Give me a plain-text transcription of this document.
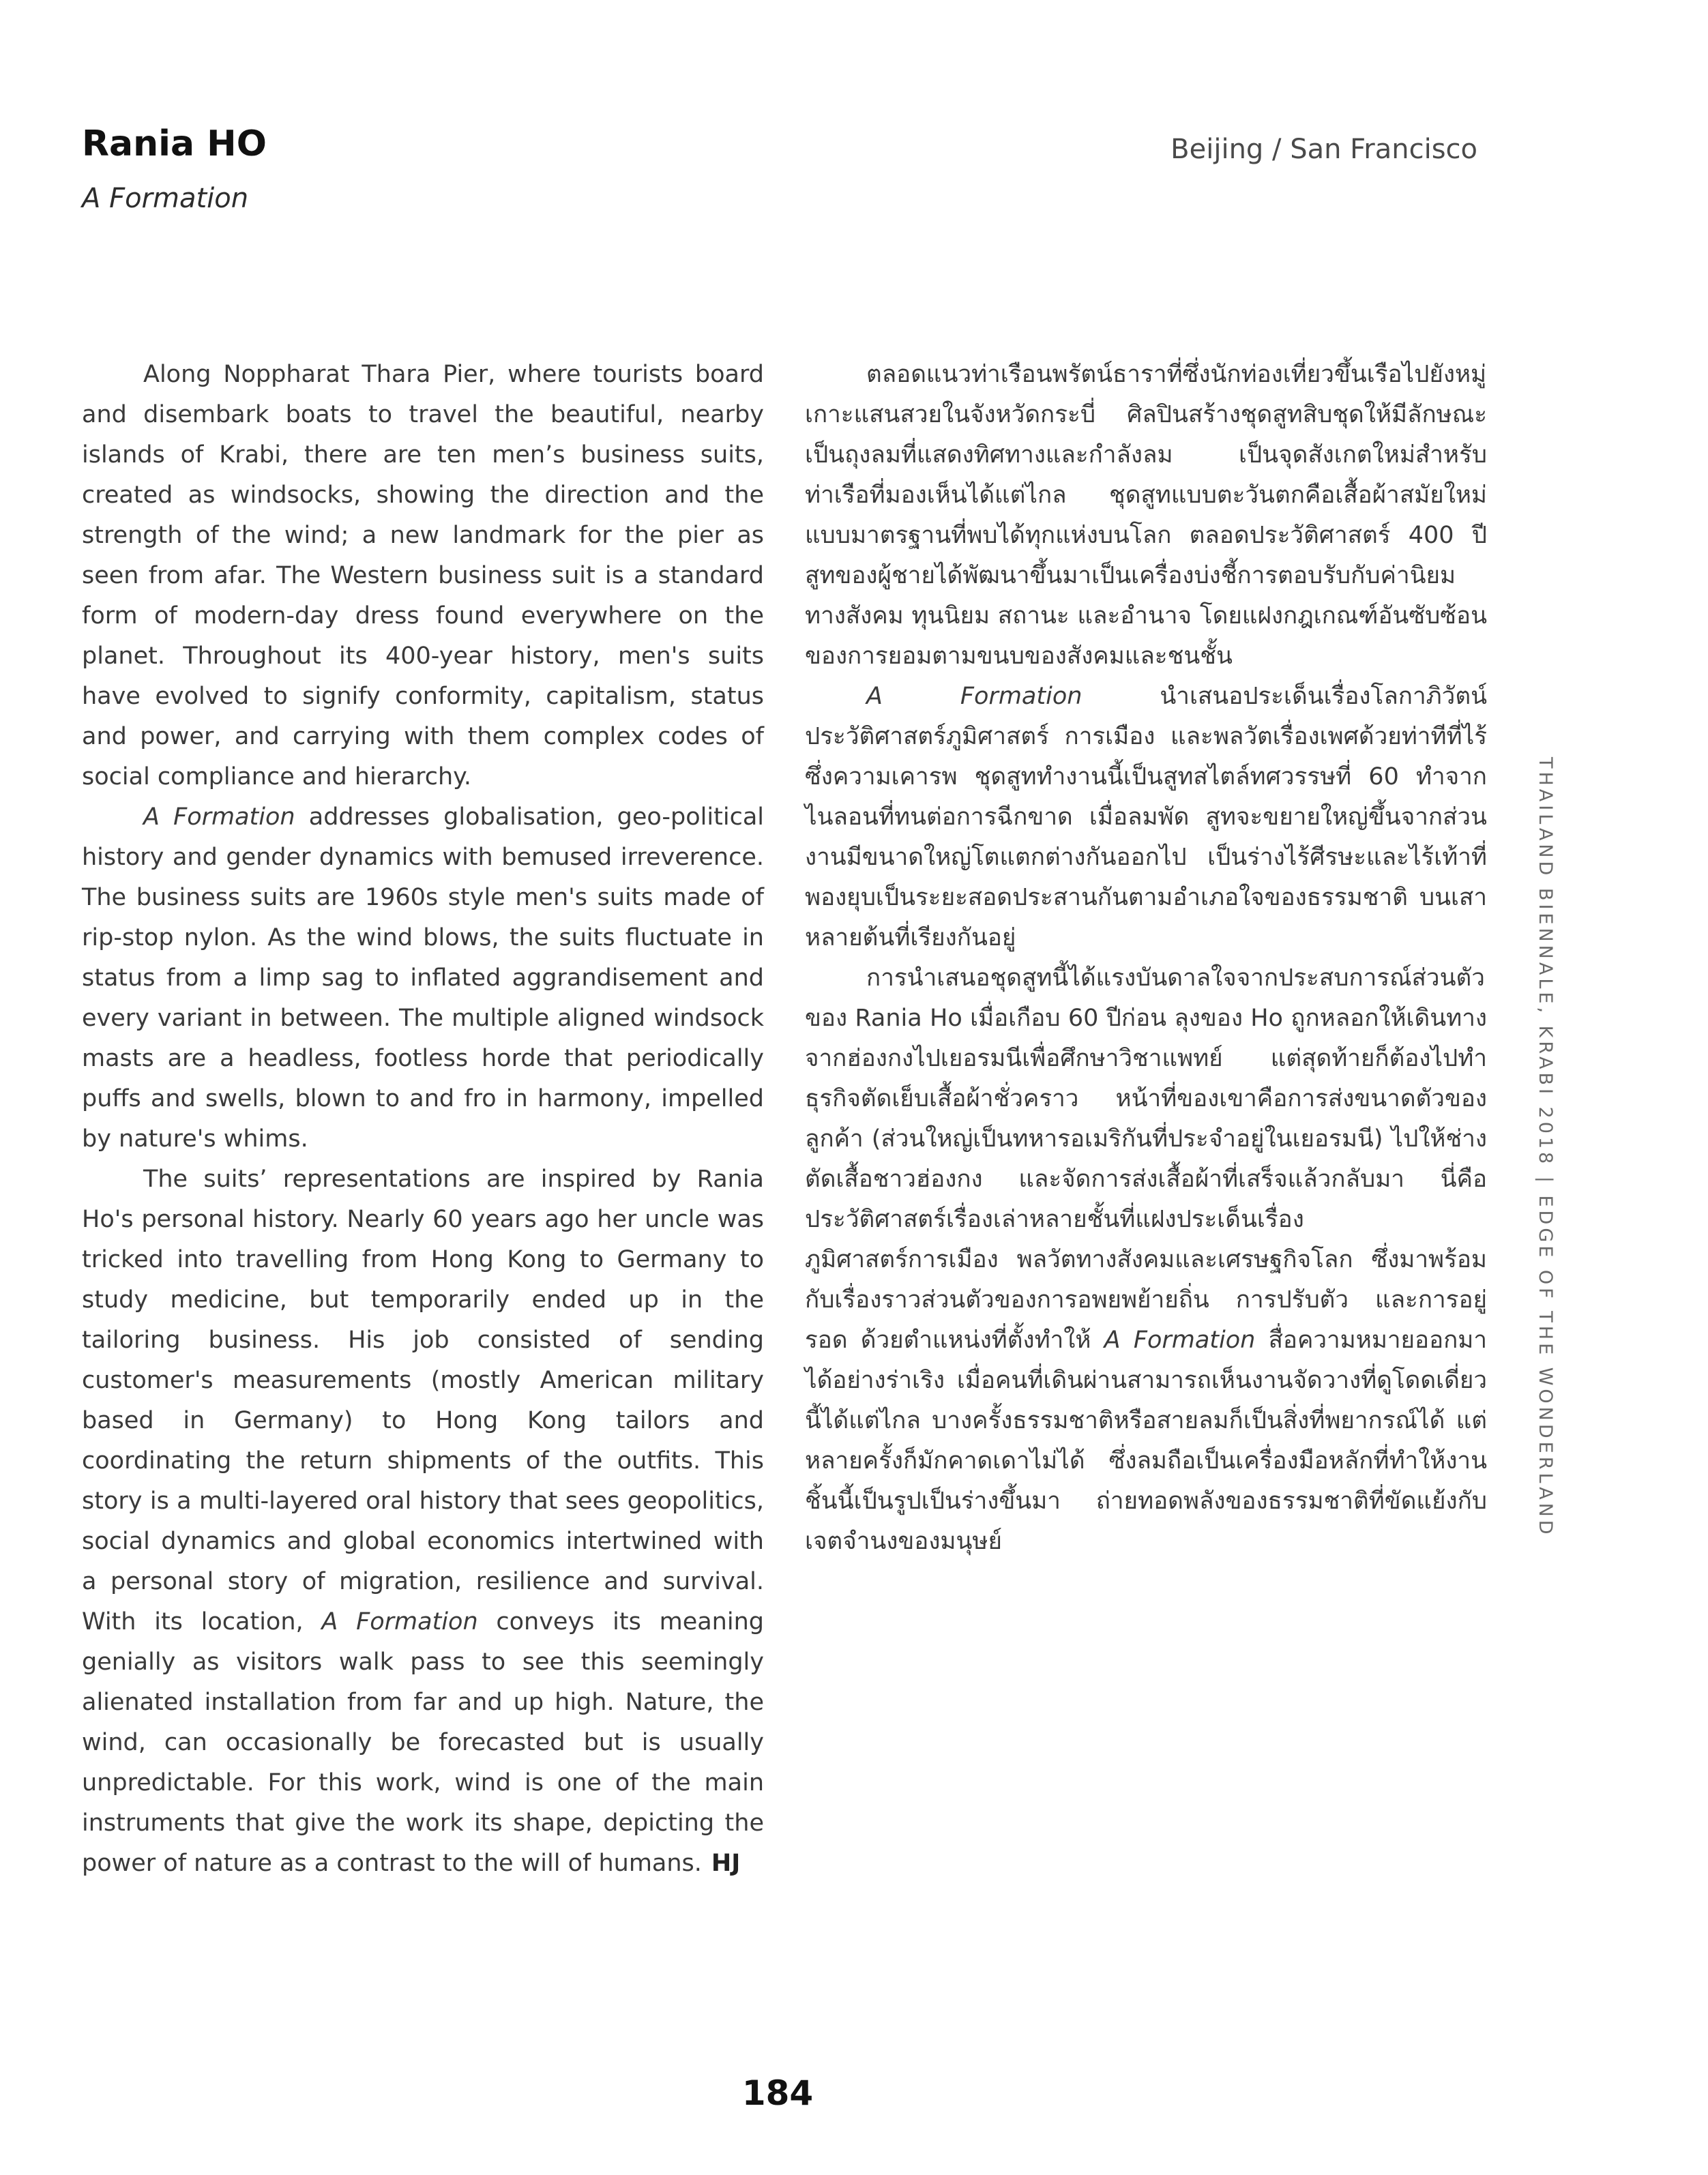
Rania HO
A Formation
Beijing / San Francisco

Along Noppharat Thara Pier, where tourists board and disembark boats to travel the beautiful, nearby islands of Krabi, there are ten men’s business suits, created as windsocks, showing the direction and the strength of the wind; a new landmark for the pier as seen from afar. The Western business suit is a standard form of modern-day dress found everywhere on the planet. Throughout its 400-year history, men's suits have evolved to signify conformity, capitalism, status and power, and carrying with them complex codes of social compliance and hierarchy.

A Formation addresses globalisation, geo-political history and gender dynamics with bemused irreverence. The business suits are 1960s style men's suits made of rip-stop nylon. As the wind blows, the suits fluctuate in status from a limp sag to inflated aggrandisement and every variant in between. The multiple aligned windsock masts are a headless, footless horde that periodically puffs and swells, blown to and fro in harmony, impelled by nature's whims.

The suits’ representations are inspired by Rania Ho's personal history. Nearly 60 years ago her uncle was tricked into travelling from Hong Kong to Germany to study medicine, but temporarily ended up in the tailoring business. His job consisted of sending customer's measurements (mostly American military based in Germany) to Hong Kong tailors and coordinating the return shipments of the outfits. This story is a multi-layered oral history that sees geopolitics, social dynamics and global economics intertwined with a personal story of migration, resilience and survival. With its location, A Formation conveys its meaning genially as visitors walk pass to see this seemingly alienated installation from far and up high. Nature, the wind, can occasionally be forecasted but is usually unpredictable. For this work, wind is one of the main instruments that give the work its shape, depicting the power of nature as a contrast to the will of humans. HJ

ตลอดแนวท่าเรือนพรัตน์ธาราที่ซึ่งนักท่องเที่ยวขึ้นเรือไปยังหมู่เกาะแสนสวยในจังหวัดกระบี่ ศิลปินสร้างชุดสูทสิบชุดให้มีลักษณะเป็นถุงลมที่แสดงทิศทางและกำลังลม เป็นจุดสังเกตใหม่สำหรับท่าเรือที่มองเห็นได้แต่ไกล ชุดสูทแบบตะวันตกคือเสื้อผ้าสมัยใหม่แบบมาตรฐานที่พบได้ทุกแห่งบนโลก ตลอดประวัติศาสตร์ 400 ปี สูทของผู้ชายได้พัฒนาขึ้นมาเป็นเครื่องบ่งชี้การตอบรับกับค่านิยมทางสังคม ทุนนิยม สถานะ และอำนาจ โดยแฝงกฎเกณฑ์อันซับซ้อนของการยอมตามขนบของสังคมและชนชั้น

A Formation นำเสนอประเด็นเรื่องโลกาภิวัตน์ ประวัติศาสตร์ภูมิศาสตร์ การเมือง และพลวัตเรื่องเพศด้วยท่าทีที่ไร้ซึ่งความเคารพ ชุดสูททำงานนี้เป็นสูทสไตล์ทศวรรษที่ 60 ทำจากไนลอนที่ทนต่อการฉีกขาด เมื่อลมพัด สูทจะขยายใหญ่ขึ้นจากส่วนงานมีขนาดใหญ่โตแตกต่างกันออกไป เป็นร่างไร้ศีรษะและไร้เท้าที่พองยุบเป็นระยะสอดประสานกันตามอำเภอใจของธรรมชาติ บนเสาหลายต้นที่เรียงกันอยู่

การนำเสนอชุดสูทนี้ได้แรงบันดาลใจจากประสบการณ์ส่วนตัวของ Rania Ho เมื่อเกือบ 60 ปีก่อน ลุงของ Ho ถูกหลอกให้เดินทางจากฮ่องกงไปเยอรมนีเพื่อศึกษาวิชาแพทย์ แต่สุดท้ายก็ต้องไปทำธุรกิจตัดเย็บเสื้อผ้าชั่วคราว หน้าที่ของเขาคือการส่งขนาดตัวของลูกค้า (ส่วนใหญ่เป็นทหารอเมริกันที่ประจำอยู่ในเยอรมนี) ไปให้ช่างตัดเสื้อชาวฮ่องกง และจัดการส่งเสื้อผ้าที่เสร็จแล้วกลับมา นี่คือประวัติศาสตร์เรื่องเล่าหลายชั้นที่แฝงประเด็นเรื่องภูมิศาสตร์การเมือง พลวัตทางสังคมและเศรษฐกิจโลก ซึ่งมาพร้อมกับเรื่องราวส่วนตัวของการอพยพย้ายถิ่น การปรับตัว และการอยู่รอด ด้วยตำแหน่งที่ตั้งทำให้ A Formation สื่อความหมายออกมาได้อย่างร่าเริง เมื่อคนที่เดินผ่านสามารถเห็นงานจัดวางที่ดูโดดเดี่ยวนี้ได้แต่ไกล บางครั้งธรรมชาติหรือสายลมก็เป็นสิ่งที่พยากรณ์ได้ แต่หลายครั้งก็มักคาดเดาไม่ได้ ซึ่งลมถือเป็นเครื่องมือหลักที่ทำให้งานชิ้นนี้เป็นรูปเป็นร่างขึ้นมา ถ่ายทอดพลังของธรรมชาติที่ขัดแย้งกับเจตจำนงของมนุษย์

THAILAND BIENNALE, KRABI 2018 | EDGE OF THE WONDERLAND
184
